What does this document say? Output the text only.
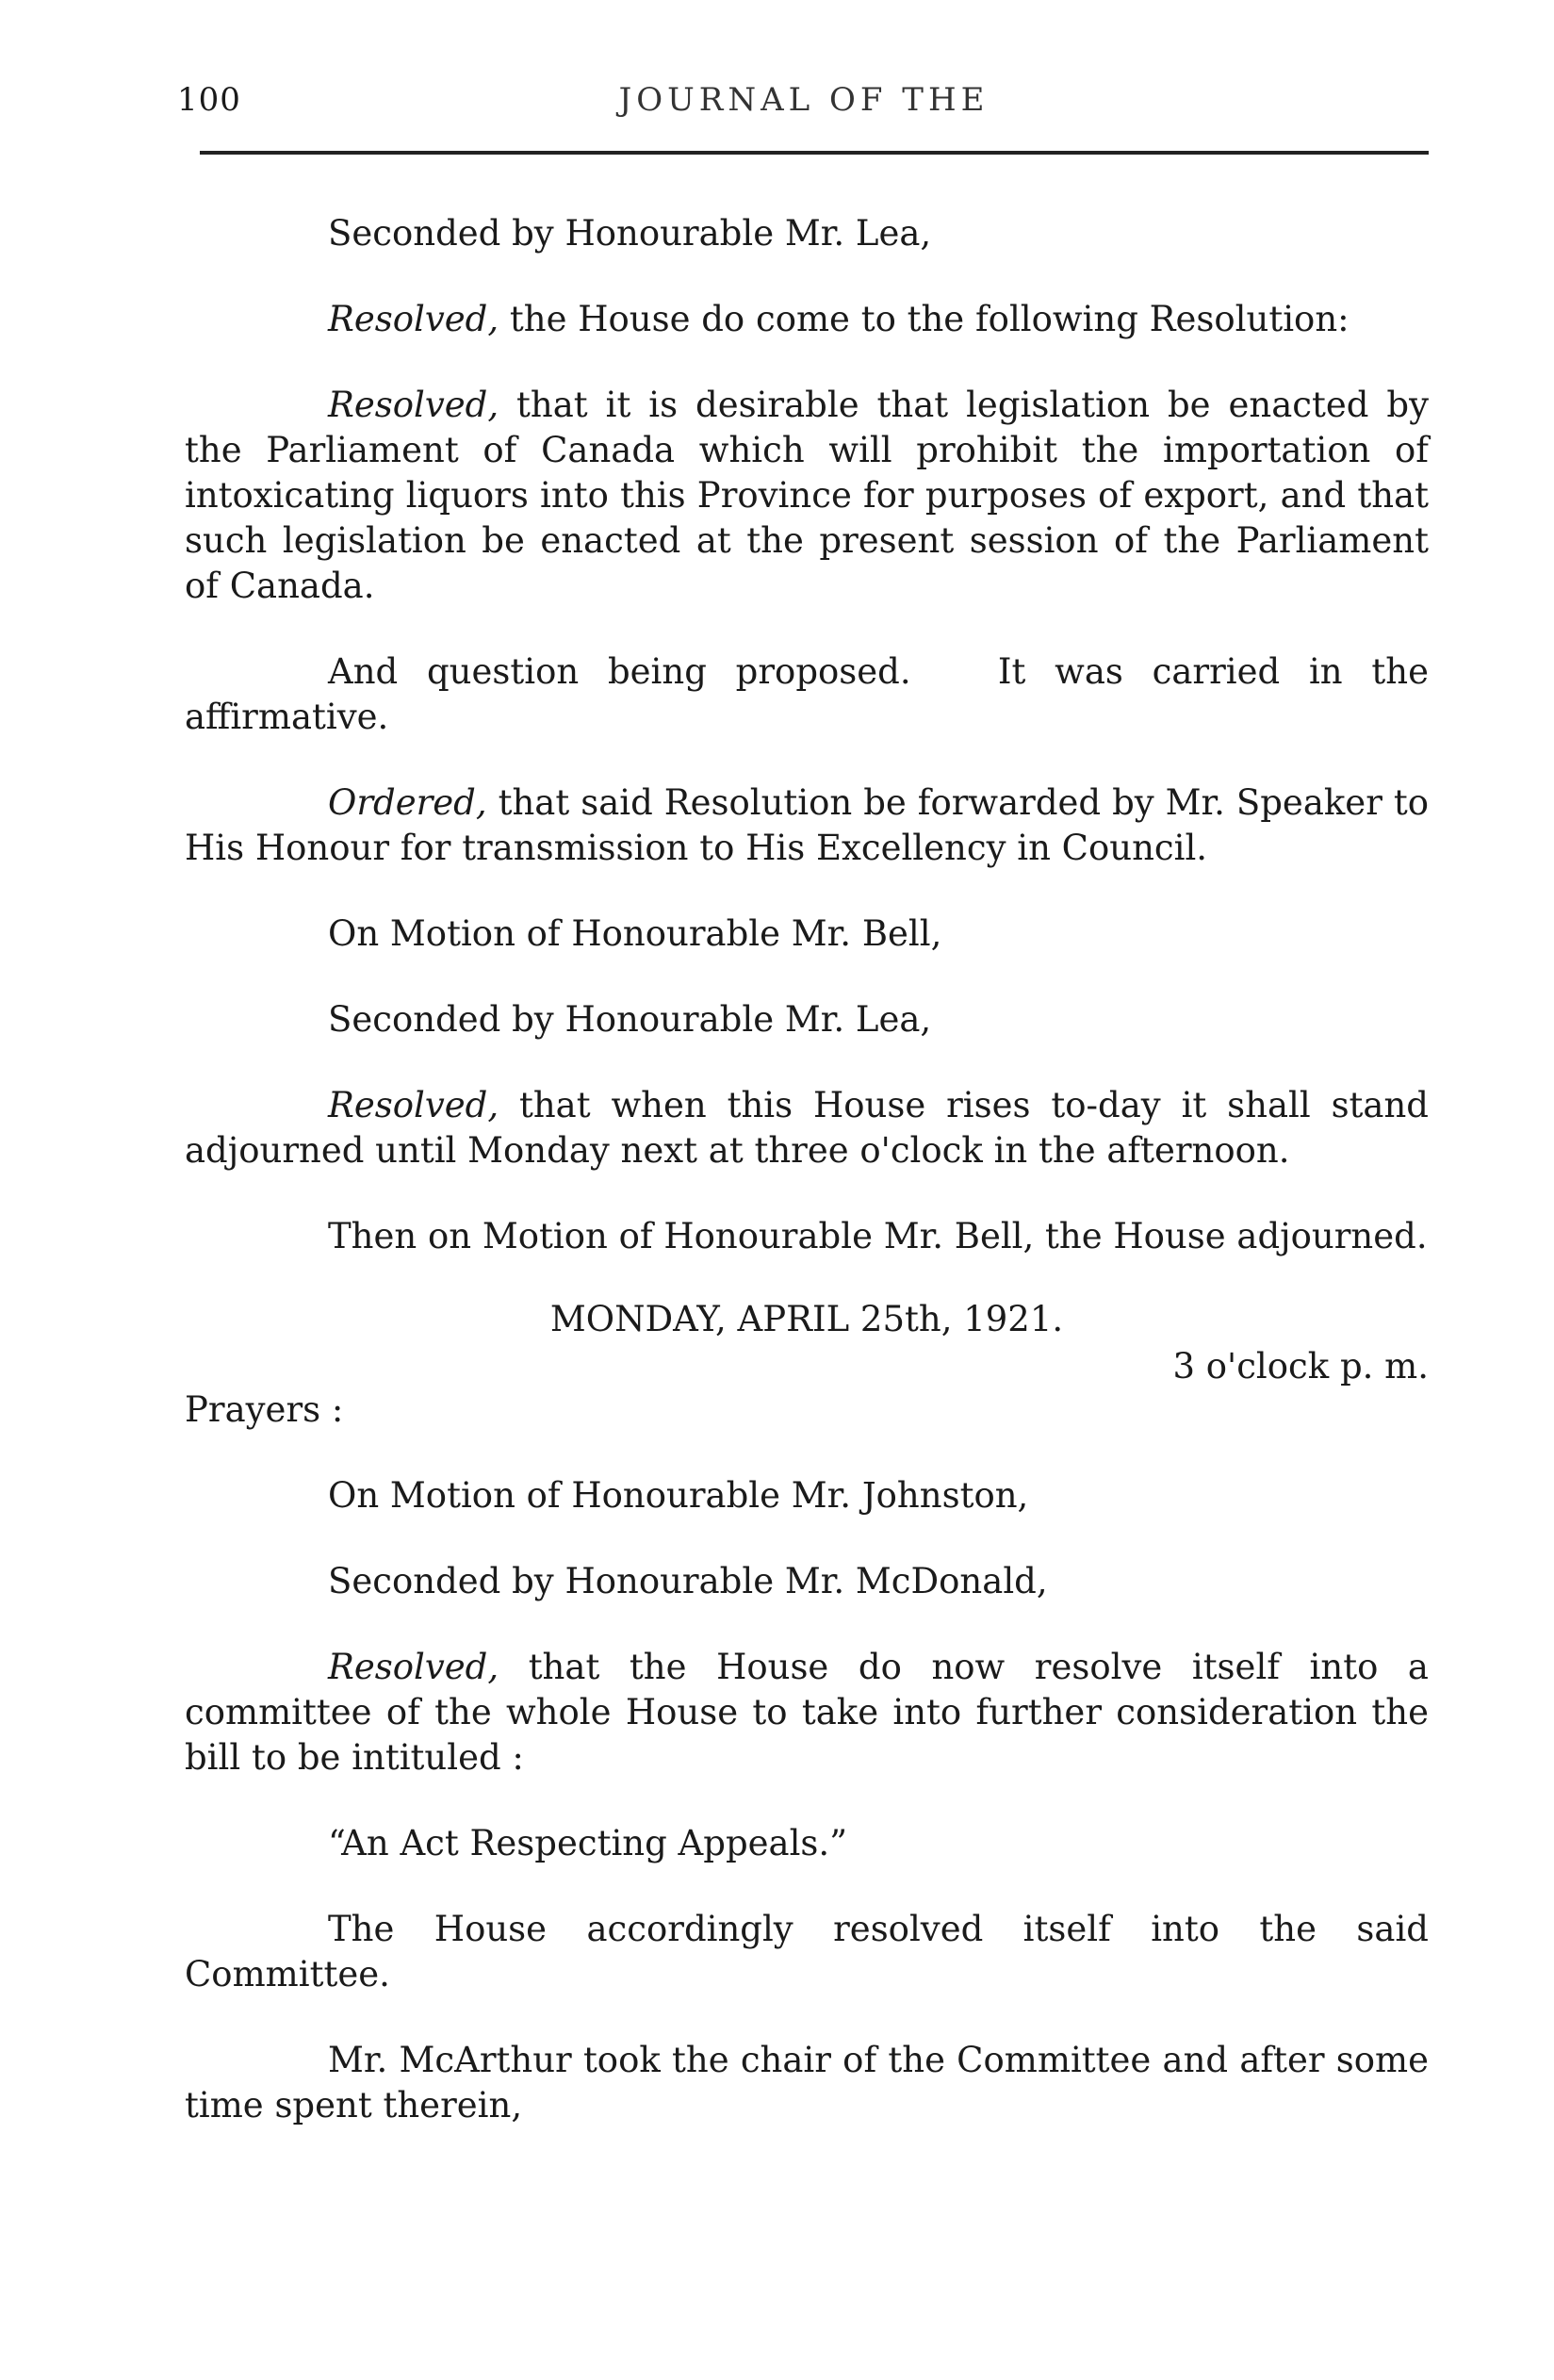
100	JOURNAL OF THE

Seconded by Honourable Mr. Lea,

Resolved, the House do come to the following Resolution:

Resolved, that it is desirable that legislation be enacted by the Parliament of Canada which will prohibit the importation of intoxicating liquors into this Province for purposes of export, and that such legislation be enacted at the present session of the Parliament of Canada.

And question being proposed.   It was carried in the affirmative.

Ordered, that said Resolution be forwarded by Mr. Speaker to His Honour for transmission to His Excellency in Council.

On Motion of Honourable Mr. Bell,

Seconded by Honourable Mr. Lea,

Resolved, that when this House rises to-day it shall stand adjourned until Monday next at three o'clock in the afternoon.

Then on Motion of Honourable Mr. Bell, the House adjourned.

MONDAY, APRIL 25th, 1921.

3 o'clock p. m.

Prayers :

On Motion of Honourable Mr. Johnston,

Seconded by Honourable Mr. McDonald,

Resolved, that the House do now resolve itself into a committee of the whole House to take into further consideration the bill to be intituled :

“An Act Respecting Appeals.”

The House accordingly resolved itself into the said Committee.

Mr. McArthur took the chair of the Committee and after some time spent therein,
